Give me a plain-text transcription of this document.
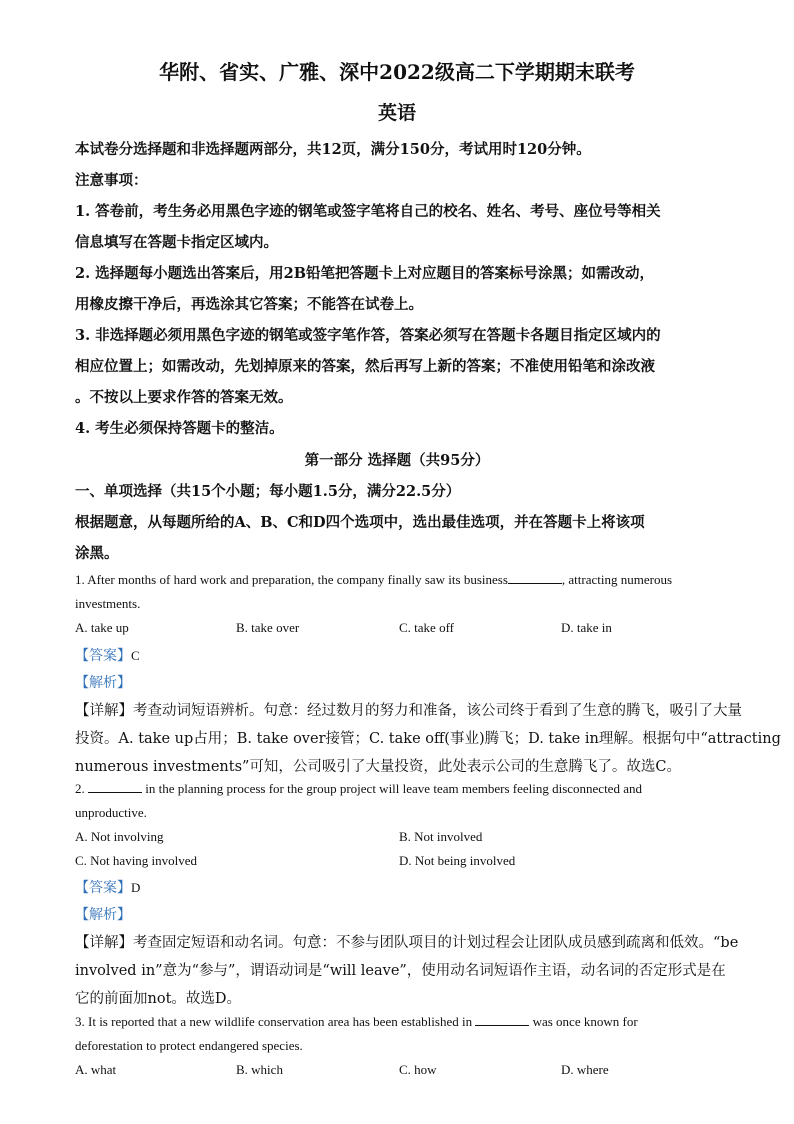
华附、省实、广雅、深中2022级高二下学期期末联考
英语
本试卷分选择题和非选择题两部分，共12页，满分150分，考试用时120分钟。
注意事项：
1. 答卷前，考生务必用黑色字迹的钢笔或签字笔将自己的校名、姓名、考号、座位号等相关
信息填写在答题卡指定区域内。
2. 选择题每小题选出答案后，用2B铅笔把答题卡上对应题目的答案标号涂黑；如需改动，
用橡皮擦干净后，再选涂其它答案；不能答在试卷上。
3. 非选择题必须用黑色字迹的钢笔或签字笔作答，答案必须写在答题卡各题目指定区域内的
相应位置上；如需改动，先划掉原来的答案，然后再写上新的答案；不准使用铅笔和涂改液
。不按以上要求作答的答案无效。
4. 考生必须保持答题卡的整洁。
第一部分 选择题（共95分）
一、单项选择（共15个小题；每小题1.5分，满分22.5分）
根据题意，从每题所给的A、B、C和D四个选项中，选出最佳选项，并在答题卡上将该项
涂黑。
1. After months of hard work and preparation, the company finally saw its business	, attracting numerous
investments.
A. take up	B. take over	C. take off	D. take in
【答案】C
【解析】
【详解】考查动词短语辨析。句意：经过数月的努力和准备，该公司终于看到了生意的腾飞，吸引了大量
投资。A. take up占用；B. take over接管；C. take off(事业)腾飞；D. take in理解。根据句中“attracting
numerous investments”可知，公司吸引了大量投资，此处表示公司的生意腾飞了。故选C。
2.	in the planning process for the group project will leave team members feeling disconnected and
unproductive.
A. Not involving	B. Not involved
C. Not having involved	D. Not being involved
【答案】D
【解析】
【详解】考查固定短语和动名词。句意：不参与团队项目的计划过程会让团队成员感到疏离和低效。“be
involved in”意为“参与”，谓语动词是“will leave”，使用动名词短语作主语，动名词的否定形式是在
它的前面加not。故选D。
3. It is reported that a new wildlife conservation area has been established in	was once known for
deforestation to protect endangered species.
A. what	B. which	C. how	D. where
